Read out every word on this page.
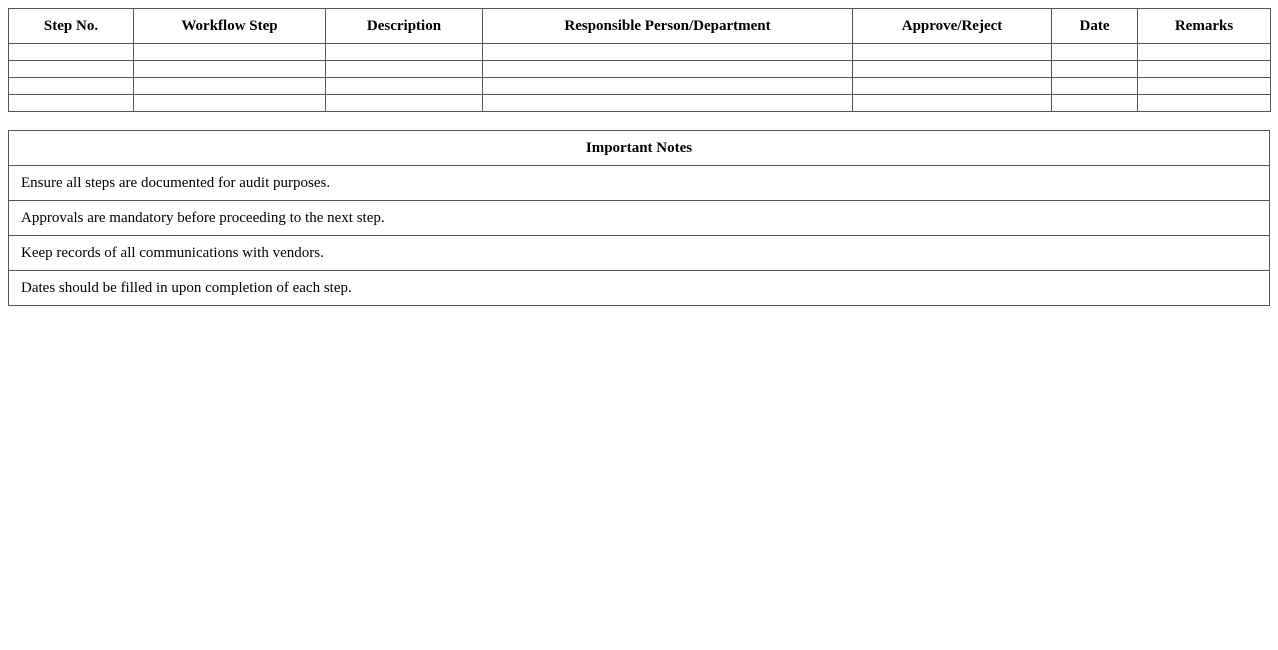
Step No.	Workflow Step	Description	Responsible Person/Department	Approve/Reject	Date	Remarks

Important Notes
Ensure all steps are documented for audit purposes.
Approvals are mandatory before proceeding to the next step.
Keep records of all communications with vendors.
Dates should be filled in upon completion of each step.
